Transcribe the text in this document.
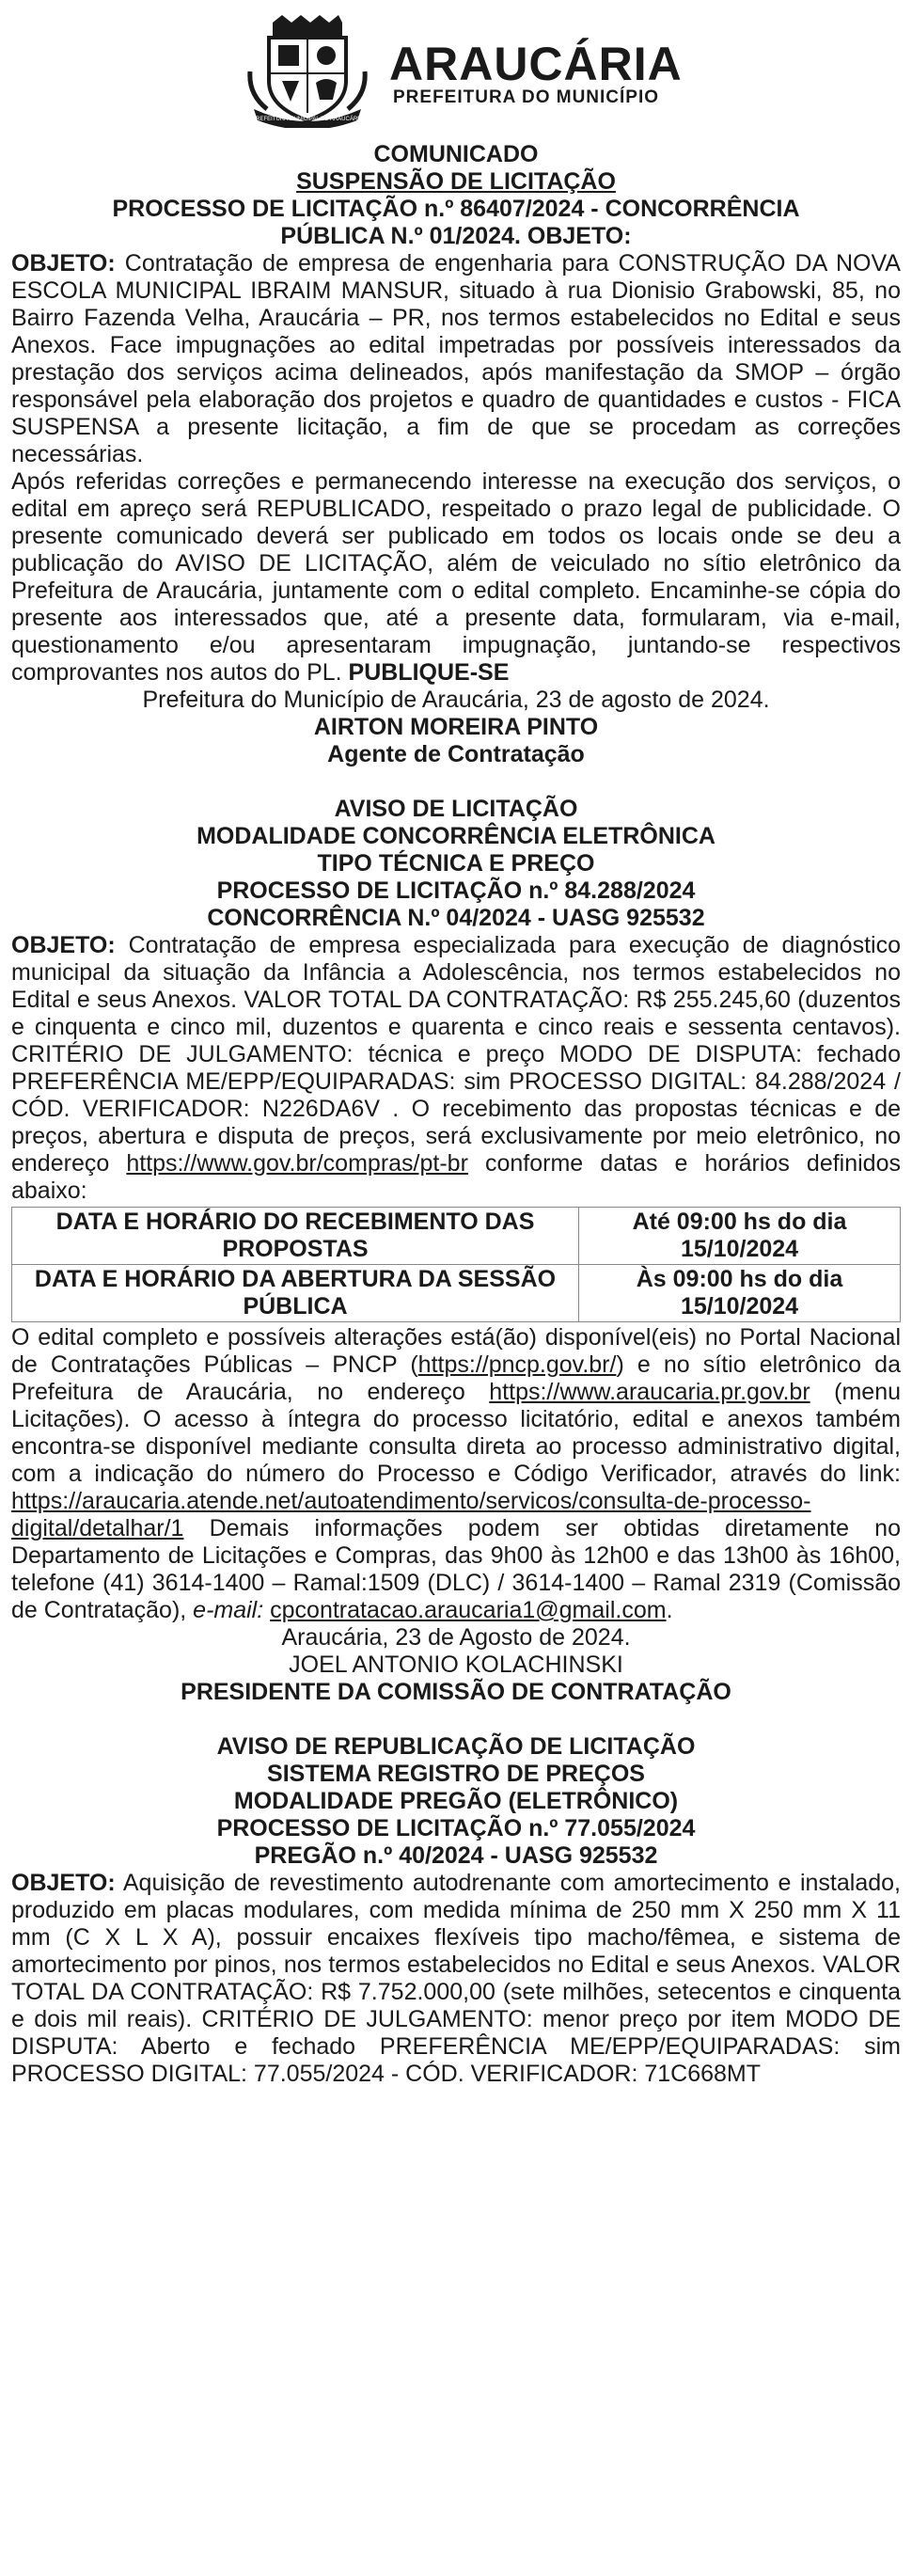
PREFEITURA MUNICIPAL DE ARAUCÁRIA
ARAUCÁRIA
PREFEITURA DO MUNICÍPIO
COMUNICADO
SUSPENSÃO DE LICITAÇÃO
PROCESSO DE LICITAÇÃO n.º 86407/2024 - CONCORRÊNCIA
PÚBLICA N.º 01/2024. OBJETO:

OBJETO: Contratação de empresa de engenharia para CONSTRUÇÃO DA NOVA ESCOLA MUNICIPAL IBRAIM MANSUR, situado à rua Dionisio Grabowski, 85, no Bairro Fazenda Velha, Araucária – PR, nos termos estabelecidos no Edital e seus Anexos. Face impugnações ao edital impetradas por possíveis interessados da prestação dos serviços acima delineados, após manifestação da SMOP – órgão responsável pela elaboração dos projetos e quadro de quantidades e custos - FICA SUSPENSA a presente licitação, a fim de que se procedam as correções necessárias.

Após referidas correções e permanecendo interesse na execução dos serviços, o edital em apreço será REPUBLICADO, respeitado o prazo legal de publicidade. O presente comunicado deverá ser publicado em todos os locais onde se deu a publicação do AVISO DE LICITAÇÃO, além de veiculado no sítio eletrônico da Prefeitura de Araucária, juntamente com o edital completo. Encaminhe-se cópia do presente aos interessados que, até a presente data, formularam, via e-mail, questionamento e/ou apresentaram impugnação, juntando-se respectivos comprovantes nos autos do PL. PUBLIQUE-SE

Prefeitura do Município de Araucária, 23 de agosto de 2024.
AIRTON MOREIRA PINTO
Agente de Contratação
AVISO DE LICITAÇÃO
MODALIDADE CONCORRÊNCIA ELETRÔNICA
TIPO TÉCNICA E PREÇO
PROCESSO DE LICITAÇÃO n.º 84.288/2024
CONCORRÊNCIA N.º 04/2024 - UASG 925532

OBJETO: Contratação de empresa especializada para execução de diagnóstico municipal da situação da Infância a Adolescência, nos termos estabelecidos no Edital e seus Anexos. VALOR TOTAL DA CONTRATAÇÃO: R$ 255.245,60 (duzentos e cinquenta e cinco mil, duzentos e quarenta e cinco reais e sessenta centavos). CRITÉRIO DE JULGAMENTO: técnica e preço MODO DE DISPUTA: fechado PREFERÊNCIA ME/EPP/EQUIPARADAS: sim PROCESSO DIGITAL: 84.288/2024 / CÓD. VERIFICADOR: N226DA6V . O recebimento das propostas técnicas e de preços, abertura e disputa de preços, será exclusivamente por meio eletrônico, no endereço https://www.gov.br/compras/pt-br conforme datas e horários definidos abaixo:

DATA E HORÁRIO DO RECEBIMENTO DAS PROPOSTAS	Até 09:00 hs do dia 15/10/2024
DATA E HORÁRIO DA ABERTURA DA SESSÃO PÚBLICA	Às 09:00 hs do dia 15/10/2024

O edital completo e possíveis alterações está(ão) disponível(eis) no Portal Nacional de Contratações Públicas – PNCP (https://pncp.gov.br/) e no sítio eletrônico da Prefeitura de Araucária, no endereço https://www.araucaria.pr.gov.br (menu Licitações). O acesso à íntegra do processo licitatório, edital e anexos também encontra-se disponível mediante consulta direta ao processo administrativo digital, com a indicação do número do Processo e Código Verificador, através do link: https://araucaria.atende.net/autoatendimento/servicos/consulta-de-processo-digital/detalhar/1 Demais informações podem ser obtidas diretamente no Departamento de Licitações e Compras, das 9h00 às 12h00 e das 13h00 às 16h00, telefone (41) 3614-1400 – Ramal:1509 (DLC) / 3614-1400 – Ramal 2319 (Comissão de Contratação), e-mail: cpcontratacao.araucaria1@gmail.com.

Araucária, 23 de Agosto de 2024.
JOEL ANTONIO KOLACHINSKI
PRESIDENTE DA COMISSÃO DE CONTRATAÇÃO
AVISO DE REPUBLICAÇÃO DE LICITAÇÃO
SISTEMA REGISTRO DE PREÇOS
MODALIDADE PREGÃO (ELETRÔNICO)
PROCESSO DE LICITAÇÃO n.º 77.055/2024
PREGÃO n.º 40/2024 - UASG 925532

OBJETO: Aquisição de revestimento autodrenante com amortecimento e instalado, produzido em placas modulares, com medida mínima de 250 mm X 250 mm X 11 mm (C X L X A), possuir encaixes flexíveis tipo macho/fêmea, e sistema de amortecimento por pinos, nos termos estabelecidos no Edital e seus Anexos. VALOR TOTAL DA CONTRATAÇÃO: R$ 7.752.000,00 (sete milhões, setecentos e cinquenta e dois mil reais). CRITÉRIO DE JULGAMENTO: menor preço por item MODO DE DISPUTA: Aberto e fechado PREFERÊNCIA ME/EPP/EQUIPARADAS: sim PROCESSO DIGITAL: 77.055/2024 - CÓD. VERIFICADOR: 71C668MT
